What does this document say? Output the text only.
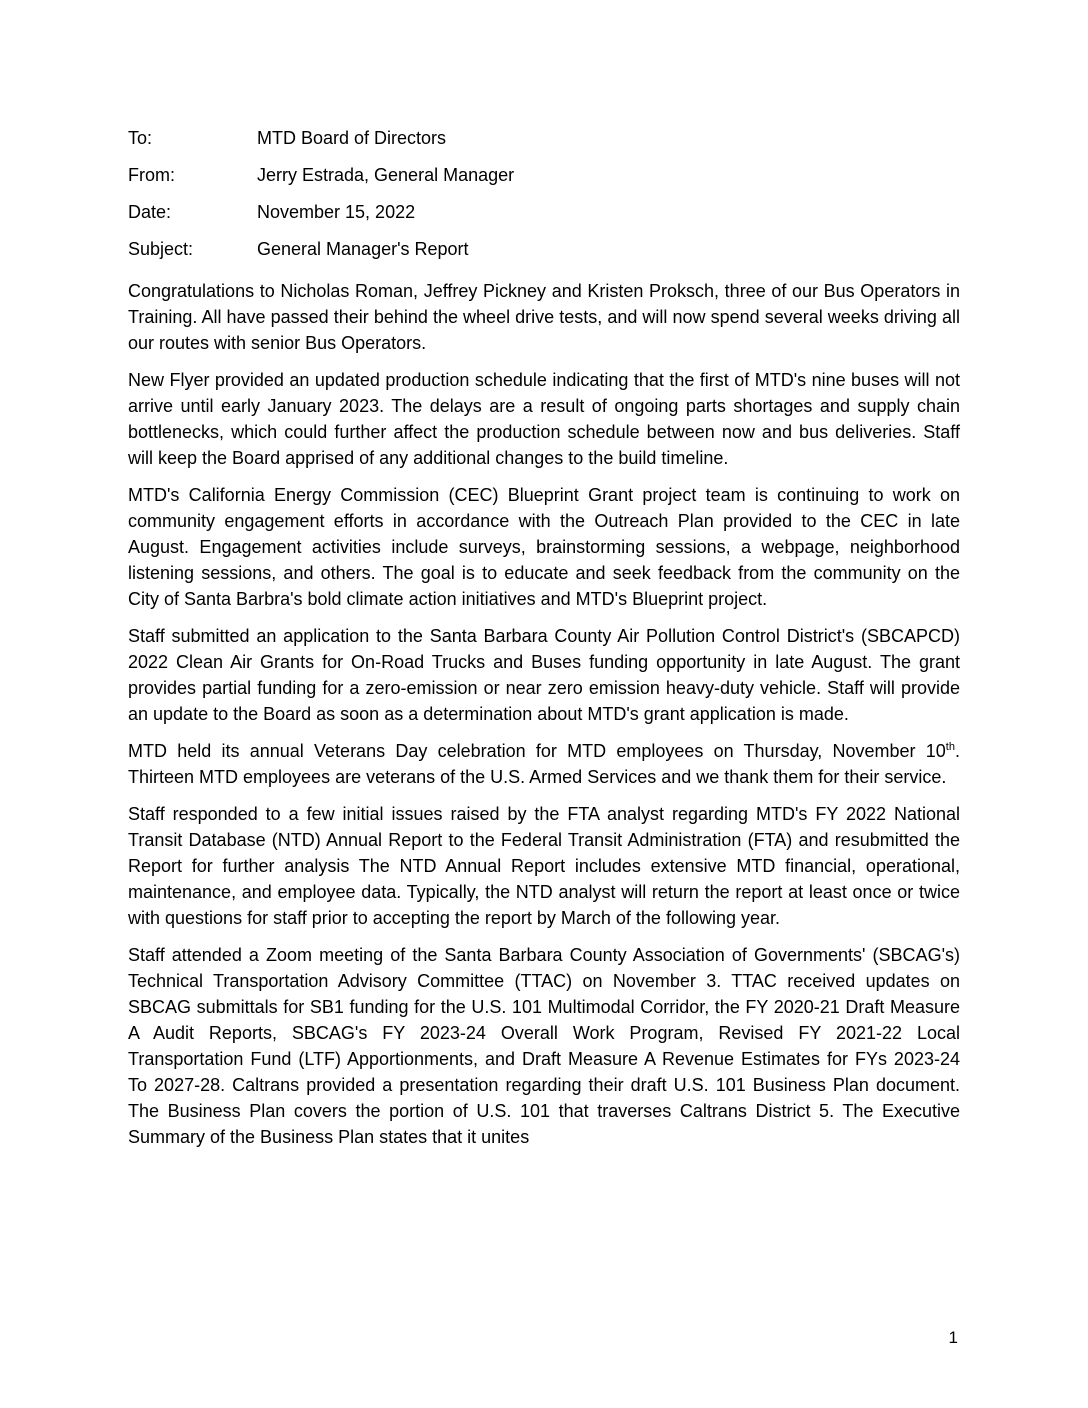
To:	MTD Board of Directors
From:	Jerry Estrada, General Manager
Date:	November 15, 2022
Subject:	General Manager's Report
Congratulations to Nicholas Roman, Jeffrey Pickney and Kristen Proksch, three of our Bus Operators in Training. All have passed their behind the wheel drive tests, and will now spend several weeks driving all our routes with senior Bus Operators.
New Flyer provided an updated production schedule indicating that the first of MTD's nine buses will not arrive until early January 2023. The delays are a result of ongoing parts shortages and supply chain bottlenecks, which could further affect the production schedule between now and bus deliveries. Staff will keep the Board apprised of any additional changes to the build timeline.
MTD's California Energy Commission (CEC) Blueprint Grant project team is continuing to work on community engagement efforts in accordance with the Outreach Plan provided to the CEC in late August. Engagement activities include surveys, brainstorming sessions, a webpage, neighborhood listening sessions, and others. The goal is to educate and seek feedback from the community on the City of Santa Barbra's bold climate action initiatives and MTD's Blueprint project.
Staff submitted an application to the Santa Barbara County Air Pollution Control District's (SBCAPCD) 2022 Clean Air Grants for On-Road Trucks and Buses funding opportunity in late August. The grant provides partial funding for a zero-emission or near zero emission heavy-duty vehicle. Staff will provide an update to the Board as soon as a determination about MTD's grant application is made.
MTD held its annual Veterans Day celebration for MTD employees on Thursday, November 10th. Thirteen MTD employees are veterans of the U.S. Armed Services and we thank them for their service.
Staff responded to a few initial issues raised by the FTA analyst regarding MTD's FY 2022 National Transit Database (NTD) Annual Report to the Federal Transit Administration (FTA) and resubmitted the Report for further analysis The NTD Annual Report includes extensive MTD financial, operational, maintenance, and employee data. Typically, the NTD analyst will return the report at least once or twice with questions for staff prior to accepting the report by March of the following year.
Staff attended a Zoom meeting of the Santa Barbara County Association of Governments' (SBCAG's) Technical Transportation Advisory Committee (TTAC) on November 3. TTAC received updates on SBCAG submittals for SB1 funding for the U.S. 101 Multimodal Corridor, the FY 2020-21 Draft Measure A Audit Reports, SBCAG's FY 2023-24 Overall Work Program, Revised FY 2021-22 Local Transportation Fund (LTF) Apportionments, and Draft Measure A Revenue Estimates for FYs 2023-24 To 2027-28. Caltrans provided a presentation regarding their draft U.S. 101 Business Plan document. The Business Plan covers the portion of U.S. 101 that traverses Caltrans District 5. The Executive Summary of the Business Plan states that it unites
1
